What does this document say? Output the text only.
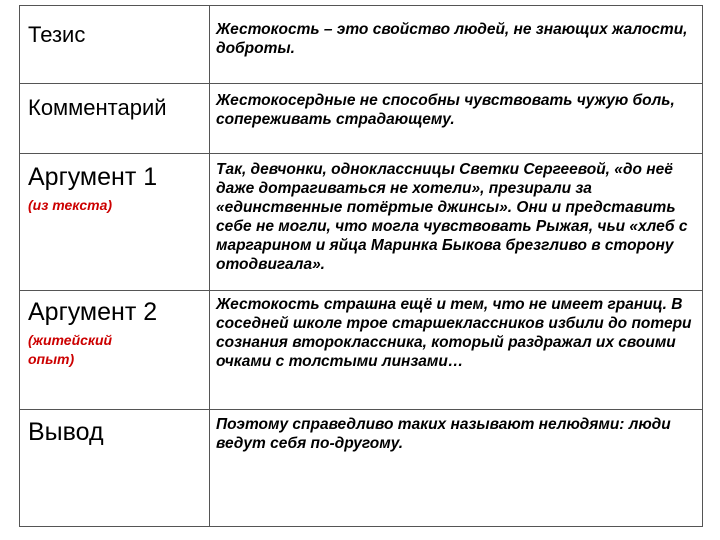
Тезис	Жестокость – это свойство людей, не знающих жалости, доброты.

Комментарий	Жестокосердные не способны чувствовать чужую боль, сопереживать страдающему.

Аргумент 1
(из текста)	Так, девчонки, одноклассницы Светки Сергеевой, «до неё даже дотрагиваться не хотели», презирали за «единственные потёртые джинсы». Они и представить себе не могли, что могла чувствовать Рыжая, чьи «хлеб с маргарином и яйца Маринка Быкова брезгливо в сторону отодвигала».

Аргумент 2
(житейский опыт)	Жестокость страшна ещё и тем, что не имеет границ. В соседней школе трое старшеклассников избили до потери сознания второклассника, который раздражал их своими очками с толстыми линзами…

Вывод	Поэтому справедливо таких называют нелюдями: люди ведут себя по-другому.
